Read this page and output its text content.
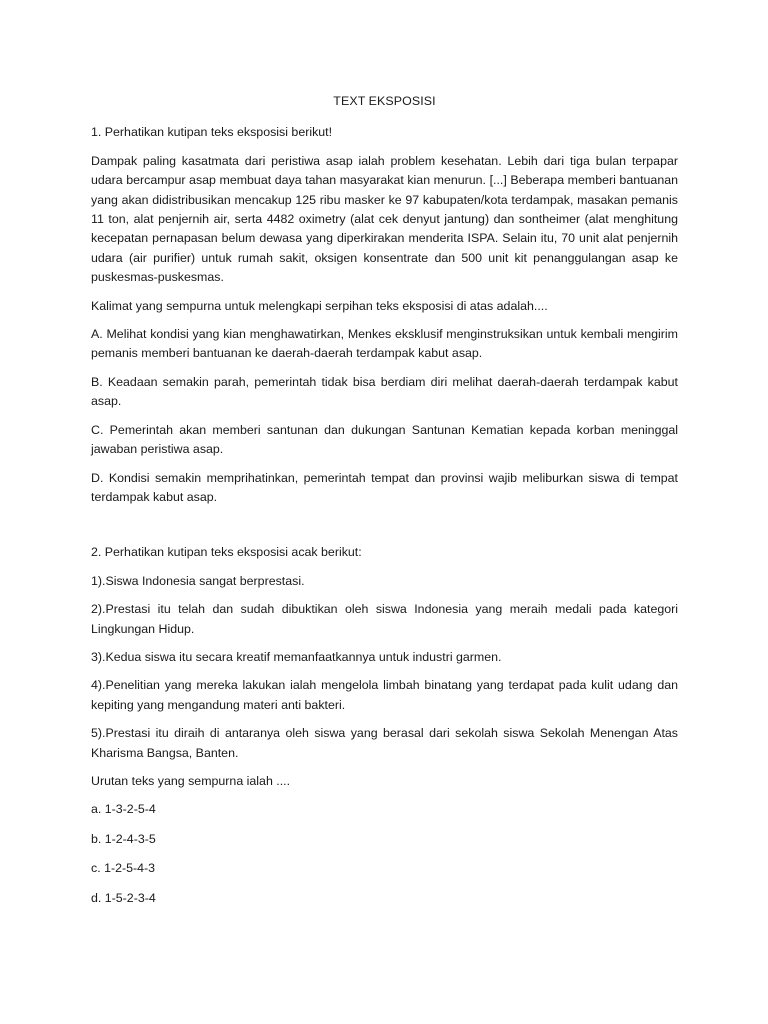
TEXT EKSPOSISI

1. Perhatikan kutipan teks eksposisi berikut!

Dampak paling kasatmata dari peristiwa asap ialah problem kesehatan. Lebih dari tiga bulan terpapar udara bercampur asap membuat daya tahan masyarakat kian menurun. [...] Beberapa memberi bantuanan yang akan didistribusikan mencakup 125 ribu masker ke 97 kabupaten/kota terdampak, masakan pemanis 11 ton, alat penjernih air, serta 4482 oximetry (alat cek denyut jantung) dan sontheimer (alat menghitung kecepatan pernapasan belum dewasa yang diperkirakan menderita ISPA. Selain itu, 70 unit alat penjernih udara (air purifier) untuk rumah sakit, oksigen konsentrate dan 500 unit kit penanggulangan asap ke puskesmas-puskesmas.

Kalimat yang sempurna untuk melengkapi serpihan teks eksposisi di atas adalah....

A. Melihat kondisi yang kian menghawatirkan, Menkes eksklusif menginstruksikan untuk kembali mengirim pemanis memberi bantuanan ke daerah-daerah terdampak kabut asap.

B. Keadaan semakin parah, pemerintah tidak bisa berdiam diri melihat daerah-daerah terdampak kabut asap.

C. Pemerintah akan memberi santunan dan dukungan Santunan Kematian kepada korban meninggal jawaban peristiwa asap.

D. Kondisi semakin memprihatinkan, pemerintah tempat dan provinsi wajib meliburkan siswa di tempat terdampak kabut asap.

2. Perhatikan kutipan teks eksposisi acak berikut:

1).Siswa Indonesia sangat berprestasi.

2).Prestasi itu telah dan sudah dibuktikan oleh siswa Indonesia yang meraih medali pada kategori Lingkungan Hidup.

3).Kedua siswa itu secara kreatif memanfaatkannya untuk industri garmen.

4).Penelitian yang mereka lakukan ialah mengelola limbah binatang yang terdapat pada kulit udang dan kepiting yang mengandung materi anti bakteri.

5).Prestasi itu diraih di antaranya oleh siswa yang berasal dari sekolah siswa Sekolah Menengan Atas Kharisma Bangsa, Banten.

Urutan teks yang sempurna ialah ....

a. 1-3-2-5-4

b. 1-2-4-3-5

c. 1-2-5-4-3

d. 1-5-2-3-4
